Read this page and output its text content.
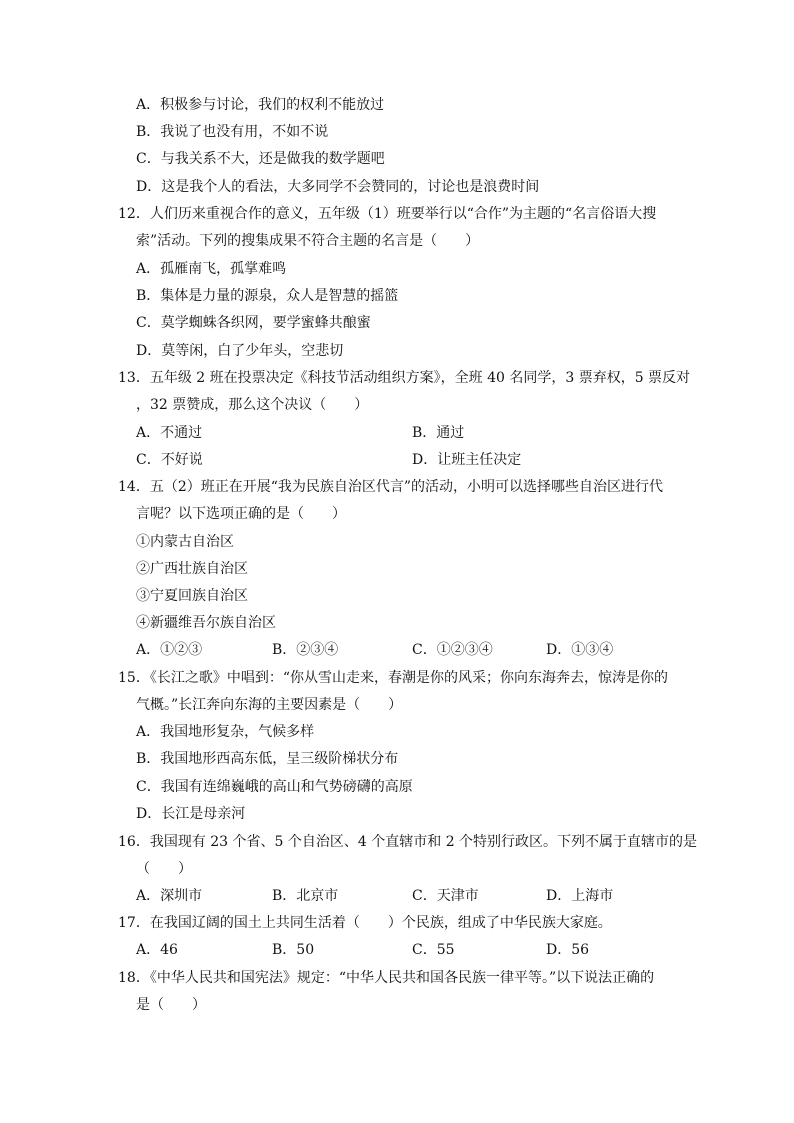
A．积极参与讨论，我们的权利不能放过
B．我说了也没有用，不如不说
C．与我关系不大，还是做我的数学题吧
D．这是我个人的看法，大多同学不会赞同的，讨论也是浪费时间
12．人们历来重视合作的意义，五年级（1）班要举行以“合作”为主题的“名言俗语大搜
索”活动。下列的搜集成果不符合主题的名言是（　　）
A．孤雁南飞，孤掌难鸣
B．集体是力量的源泉，众人是智慧的摇篮
C．莫学蜘蛛各织网，要学蜜蜂共酿蜜
D．莫等闲，白了少年头，空悲切
13．五年级 2 班在投票决定《科技节活动组织方案》，全班 40 名同学，3 票弃权，5 票反对
，32 票赞成，那么这个决议（　　）
A．不通过	B．通过
C．不好说	D．让班主任决定
14．五（2）班正在开展“我为民族自治区代言”的活动，小明可以选择哪些自治区进行代
言呢？以下选项正确的是（　　）
①内蒙古自治区
②广西壮族自治区
③宁夏回族自治区
④新疆维吾尔族自治区
A．①②③	B．②③④	C．①②③④	D．①③④
15．《长江之歌》中唱到：“你从雪山走来，春潮是你的风采；你向东海奔去，惊涛是你的
气概。”长江奔向东海的主要因素是（　　）
A．我国地形复杂，气候多样
B．我国地形西高东低，呈三级阶梯状分布
C．我国有连绵巍峨的高山和气势磅礴的高原
D．长江是母亲河
16．我国现有 23 个省、5 个自治区、4 个直辖市和 2 个特别行政区。下列不属于直辖市的是
（　　）
A．深圳市	B．北京市	C．天津市	D．上海市
17．在我国辽阔的国土上共同生活着（　　）个民族，组成了中华民族大家庭。
A．46	B．50	C．55	D．56
18．《中华人民共和国宪法》规定：“中华人民共和国各民族一律平等。”以下说法正确的
是（　　）
